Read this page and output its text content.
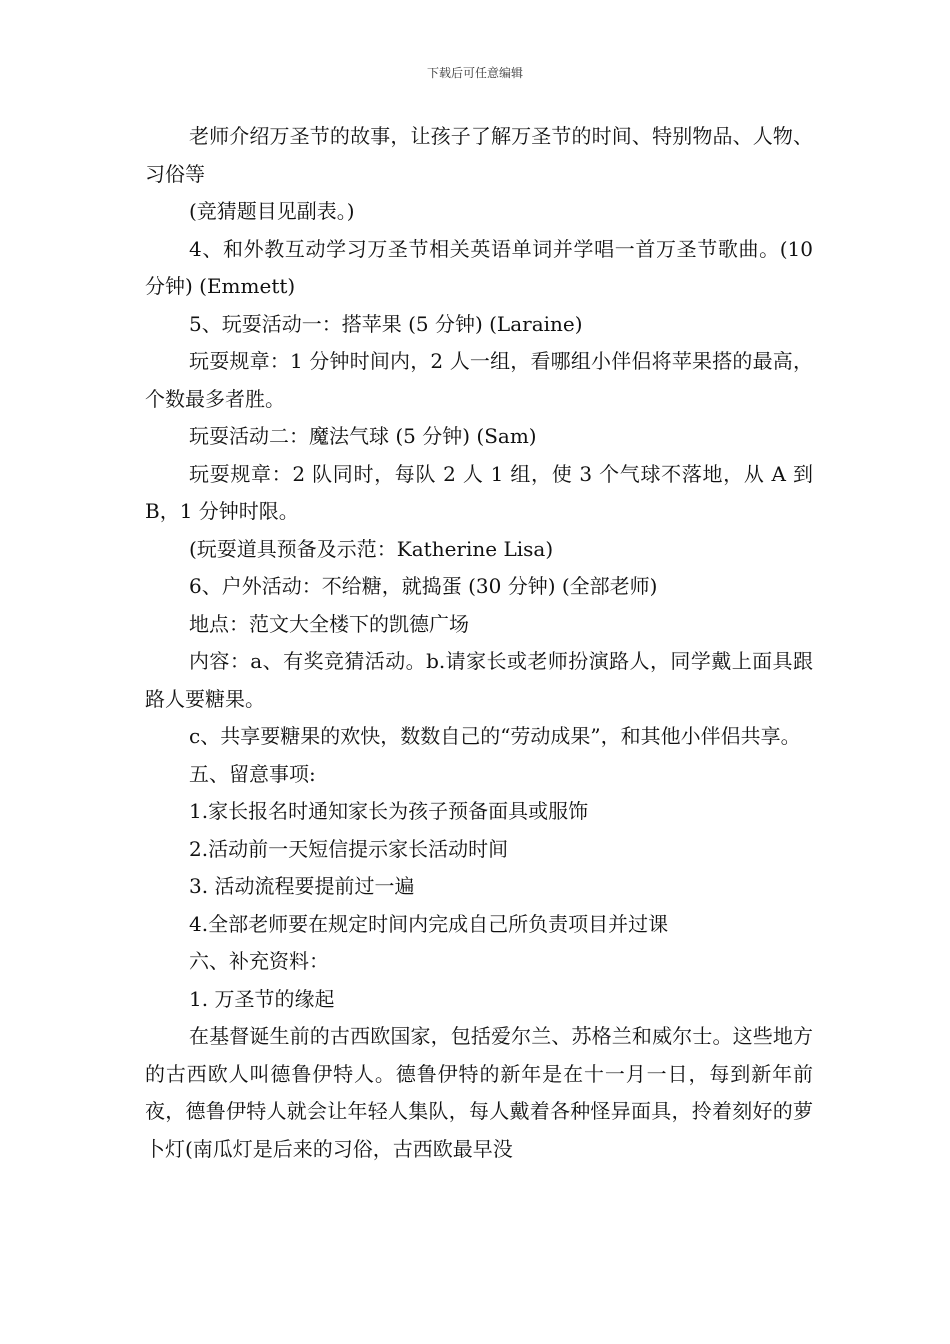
下载后可任意编辑

老师介绍万圣节的故事，让孩子了解万圣节的时间、特别物品、人物、习俗等

(竞猜题目见副表。)

4、和外教互动学习万圣节相关英语单词并学唱一首万圣节歌曲。(10 分钟) (Emmett)

5、玩耍活动一：搭苹果 (5 分钟) (Laraine)

玩耍规章：1 分钟时间内，2 人一组，看哪组小伴侣将苹果搭的最高，个数最多者胜。

玩耍活动二：魔法气球 (5 分钟) (Sam)

玩耍规章：2 队同时，每队 2 人 1 组，使 3 个气球不落地，从 A 到 B，1 分钟时限。

(玩耍道具预备及示范：Katherine Lisa)

6、户外活动：不给糖，就捣蛋 (30 分钟) (全部老师)

地点：范文大全楼下的凯德广场

内容：a、有奖竞猜活动。b.请家长或老师扮演路人，同学戴上面具跟路人要糖果。

c、共享要糖果的欢快，数数自己的“劳动成果”，和其他小伴侣共享。

五、留意事项:

1.家长报名时通知家长为孩子预备面具或服饰

2.活动前一天短信提示家长活动时间

3. 活动流程要提前过一遍

4.全部老师要在规定时间内完成自己所负责项目并过课

六、补充资料：

1. 万圣节的缘起

在基督诞生前的古西欧国家，包括爱尔兰、苏格兰和威尔士。这些地方的古西欧人叫德鲁伊特人。德鲁伊特的新年是在十一月一日，每到新年前夜，德鲁伊特人就会让年轻人集队，每人戴着各种怪异面具，拎着刻好的萝卜灯(南瓜灯是后来的习俗，古西欧最早没
